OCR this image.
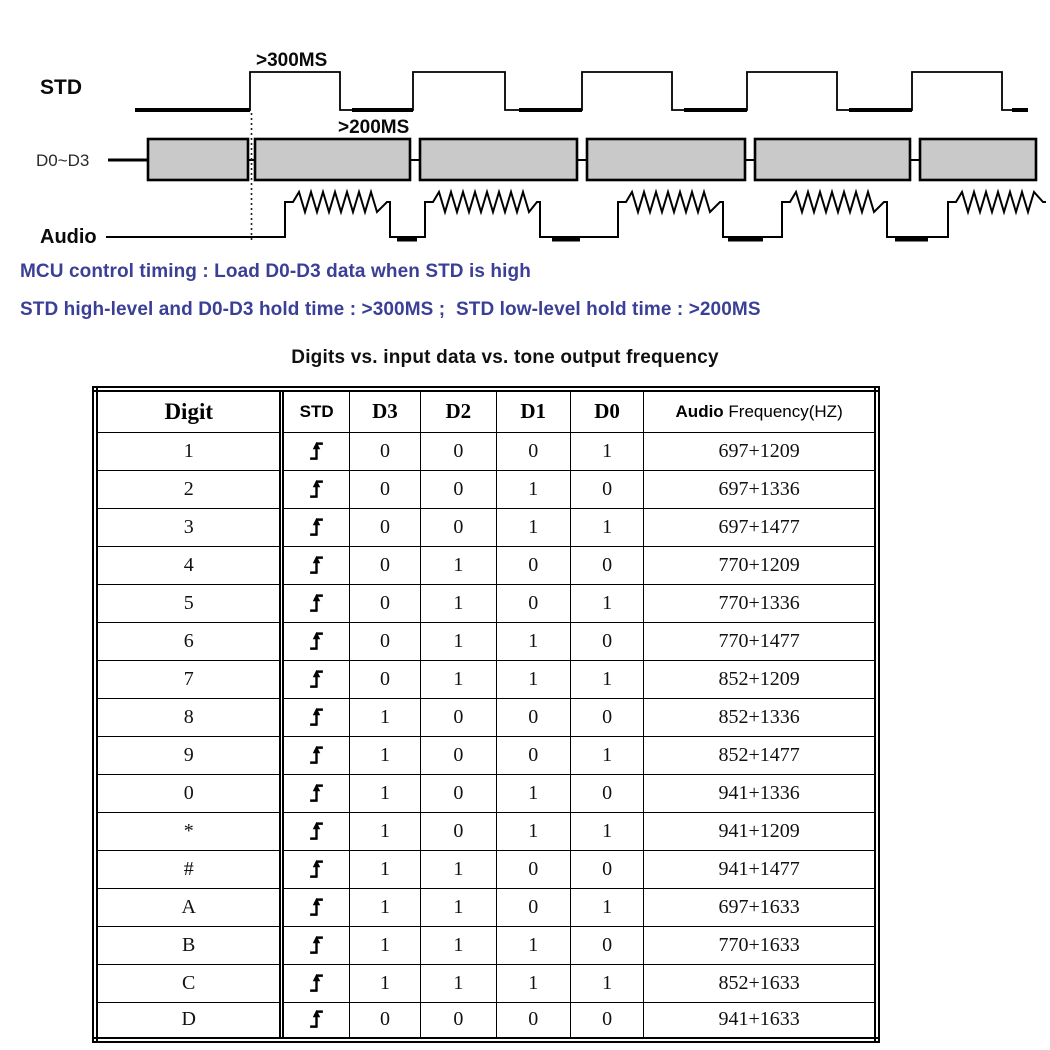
STD
D0~D3
Audio
>300MS
>200MS
MCU control timing : Load D0-D3 data when STD is high
STD high-level and D0-D3 hold time : >300MS ;  STD low-level hold time : >200MS
Digits vs. input data vs. tone output frequency
Digit	STD	D3	D2	D1	D0	Audio Frequency(HZ)
1		0	0	0	1	697+1209
2		0	0	1	0	697+1336
3		0	0	1	1	697+1477
4		0	1	0	0	770+1209
5		0	1	0	1	770+1336
6		0	1	1	0	770+1477
7		0	1	1	1	852+1209
8		1	0	0	0	852+1336
9		1	0	0	1	852+1477
0		1	0	1	0	941+1336
*		1	0	1	1	941+1209
#		1	1	0	0	941+1477
A		1	1	0	1	697+1633
B		1	1	1	0	770+1633
C		1	1	1	1	852+1633
D		0	0	0	0	941+1633
